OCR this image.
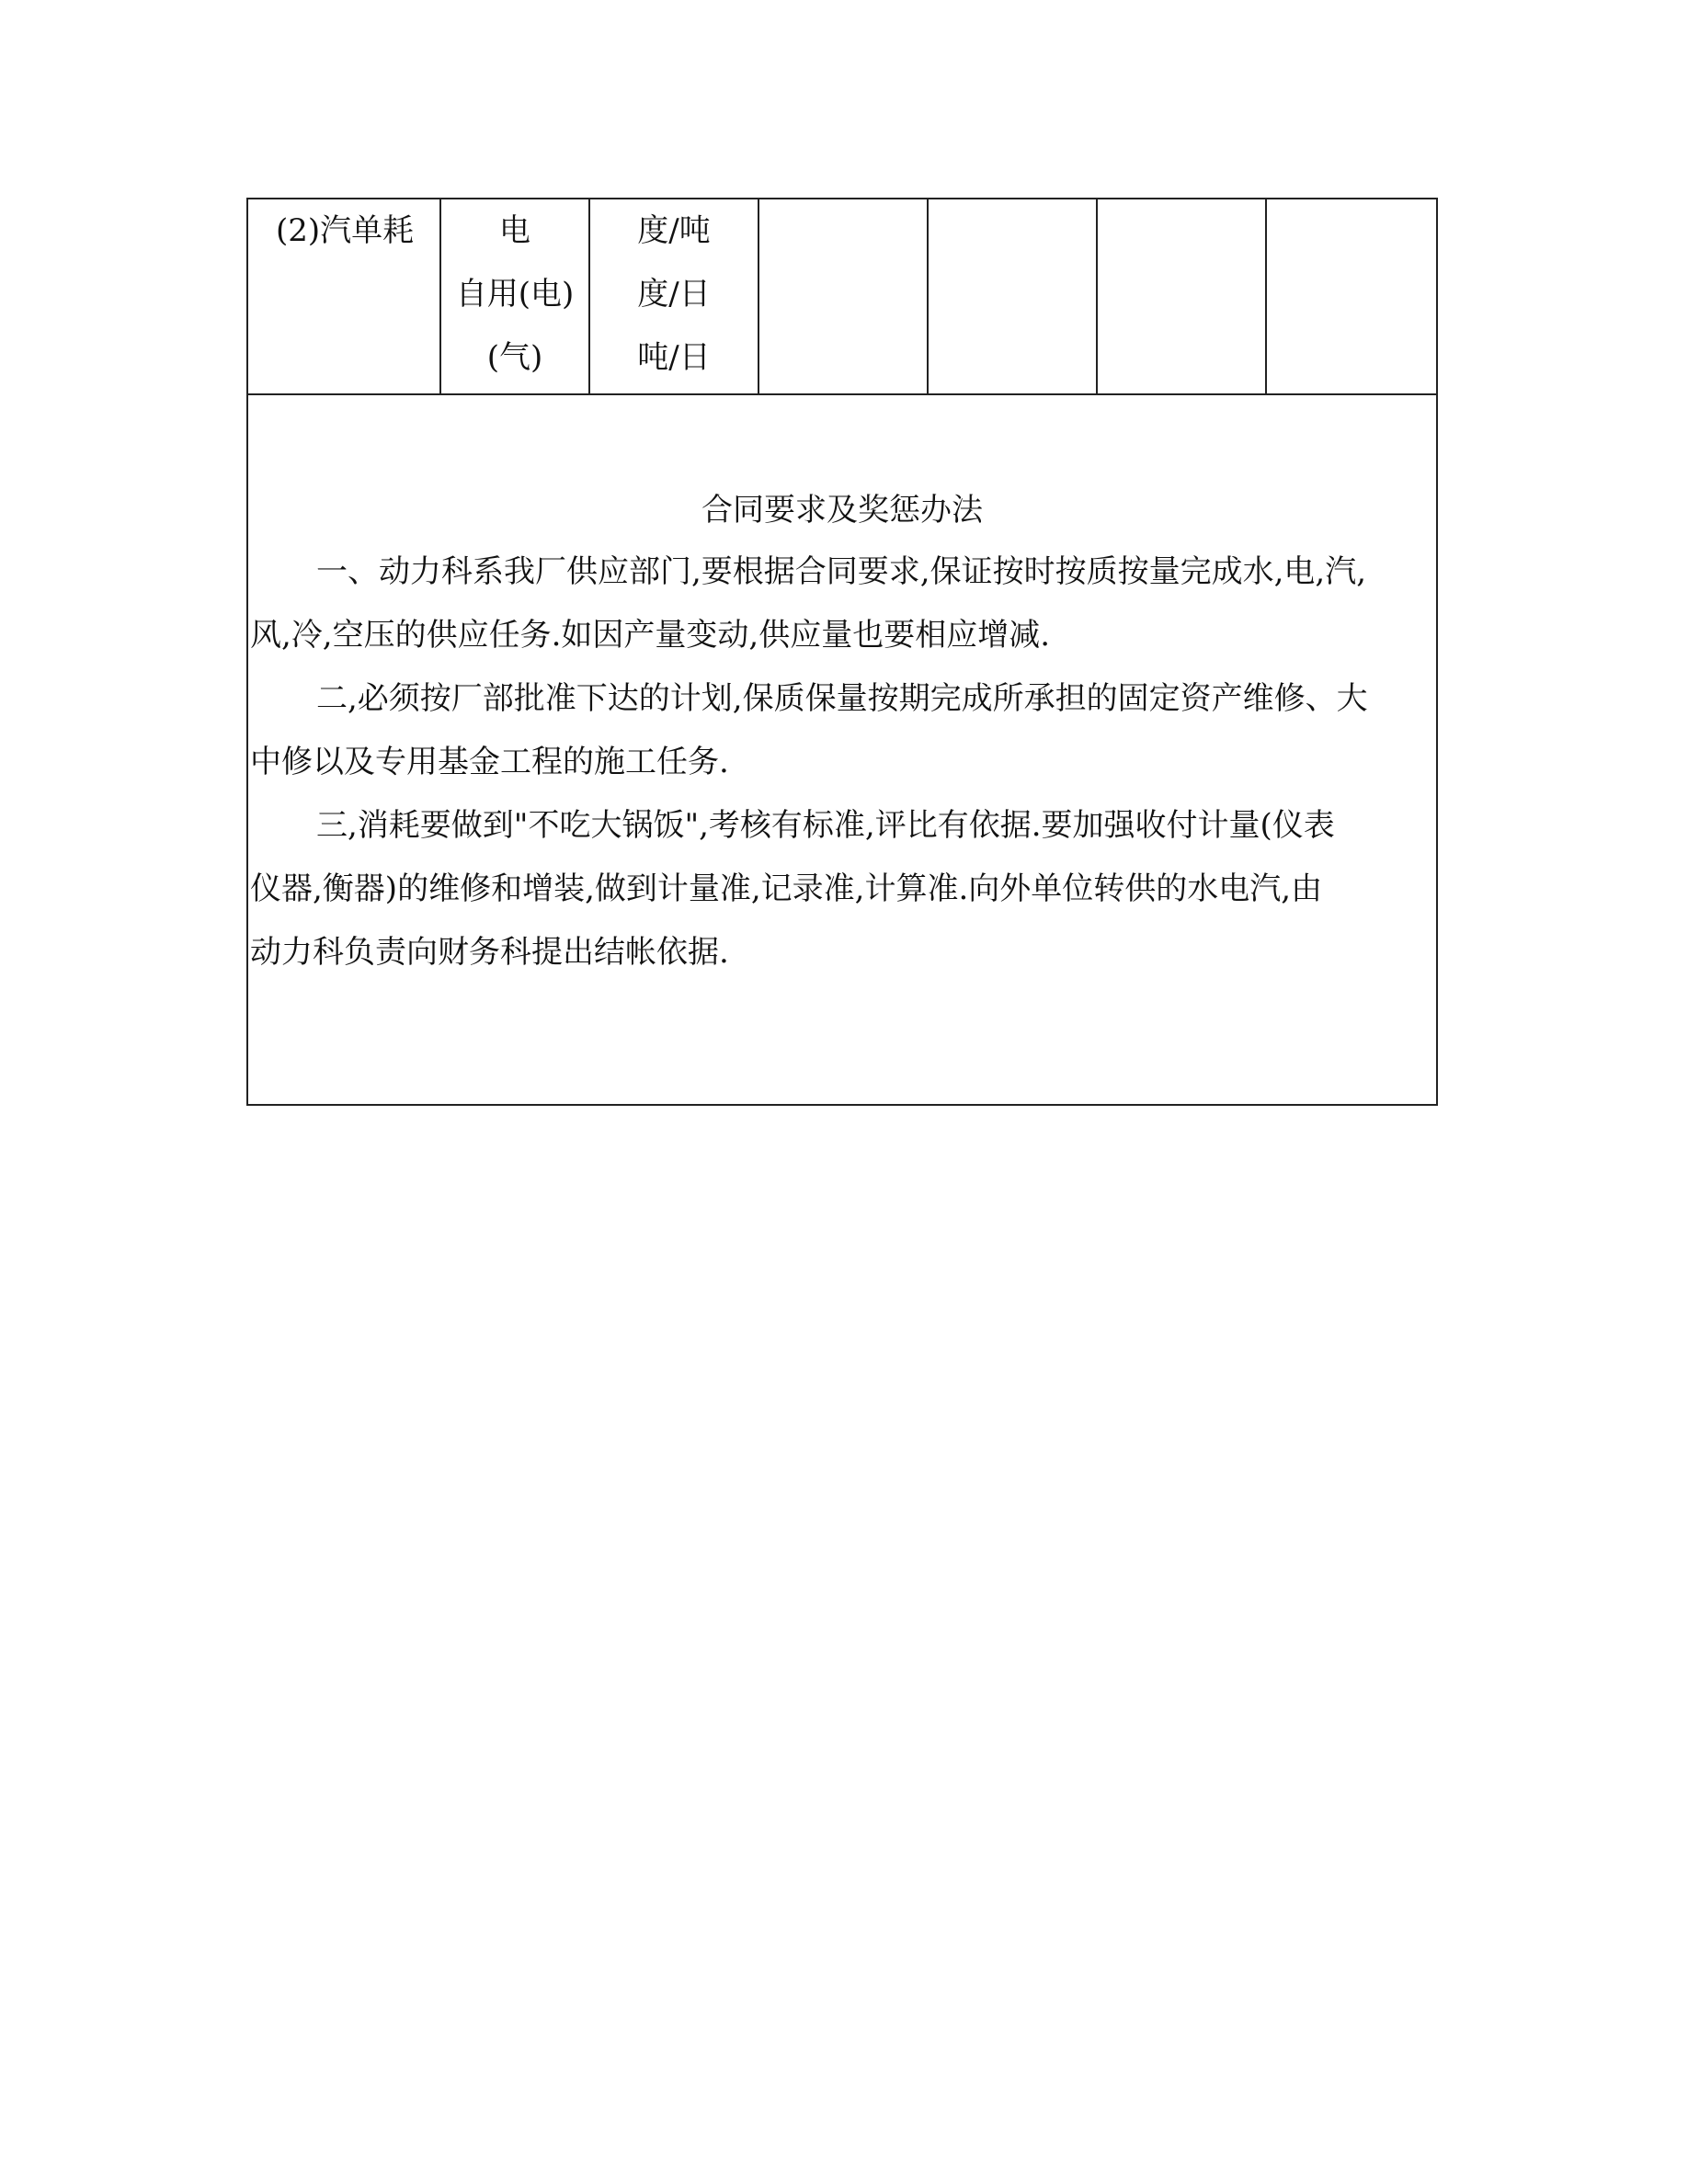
(2)汽单耗	电
自用(电)
(气)
度/吨
度/日
吨/日
合同要求及奖惩办法
一、动力科系我厂供应部门,要根据合同要求,保证按时按质按量完成水,电,汽,
风,冷,空压的供应任务.如因产量变动,供应量也要相应增减.
二,必须按厂部批准下达的计划,保质保量按期完成所承担的固定资产维修、大
中修以及专用基金工程的施工任务.
三,消耗要做到"不吃大锅饭",考核有标准,评比有依据.要加强收付计量(仪表
仪器,衡器)的维修和增装,做到计量准,记录准,计算准.向外单位转供的水电汽,由
动力科负责向财务科提出结帐依据.
